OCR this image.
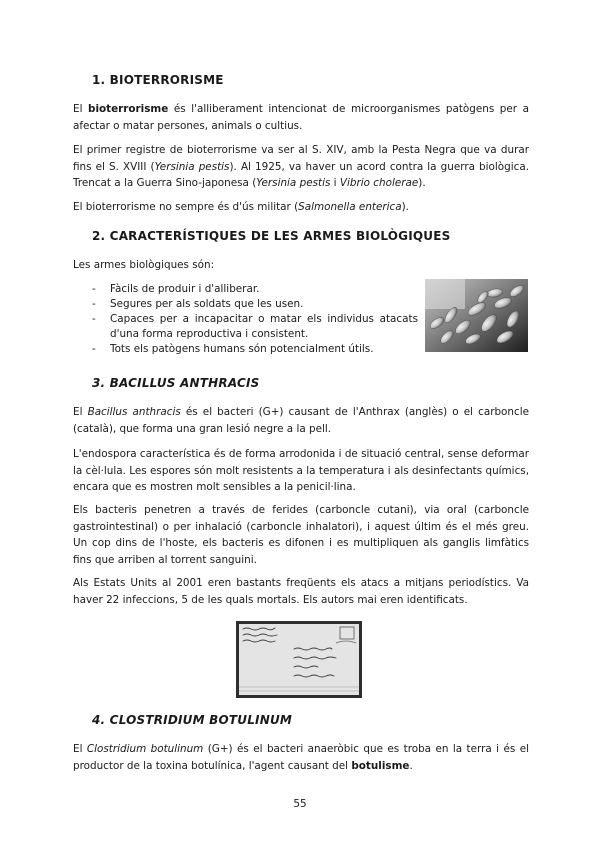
1. BIOTERRORISME

El bioterrorisme és l'alliberament intencionat de microorganismes patògens per a afectar o matar persones, animals o cultius.

El primer registre de bioterrorisme va ser al S. XIV, amb la Pesta Negra que va durar fins el S. XVIII (Yersinia pestis). Al 1925, va haver un acord contra la guerra biològica. Trencat a la Guerra Sino-japonesa (Yersinia pestis i Vibrio cholerae).

El bioterrorisme no sempre és d'ús militar (Salmonella enterica).

2. CARACTERÍSTIQUES DE LES ARMES BIOLÒGIQUES

Les armes biològiques són:

- Fàcils de produir i d'alliberar.
- Segures per als soldats que les usen.
- Capaces per a incapacitar o matar els individus atacats d'una forma reproductiva i consistent.
- Tots els patògens humans són potencialment útils.
3. BACILLUS ANTHRACIS

El Bacillus anthracis és el bacteri (G+) causant de l'Anthrax (anglès) o el carboncle (català), que forma una gran lesió negre a la pell.

L'endospora característica és de forma arrodonida i de situació central, sense deformar la cèl·lula. Les espores són molt resistents a la temperatura i als desinfectants químics, encara que es mostren molt sensibles a la penicil·lina.

Els bacteris penetren a través de ferides (carboncle cutani), via oral (carboncle gastrointestinal) o per inhalació (carboncle inhalatori), i aquest últim és el més greu. Un cop dins de l'hoste, els bacteris es difonen i es multipliquen als ganglis limfàtics fins que arriben al torrent sanguini.

Als Estats Units al 2001 eren bastants freqüents els atacs a mitjans periodístics. Va haver 22 infeccions, 5 de les quals mortals. Els autors mai eren identificats.

4. CLOSTRIDIUM BOTULINUM

El Clostridium botulinum (G+) és el bacteri anaeròbic que es troba en la terra i és el productor de la toxina botulínica, l'agent causant del botulisme.

55
